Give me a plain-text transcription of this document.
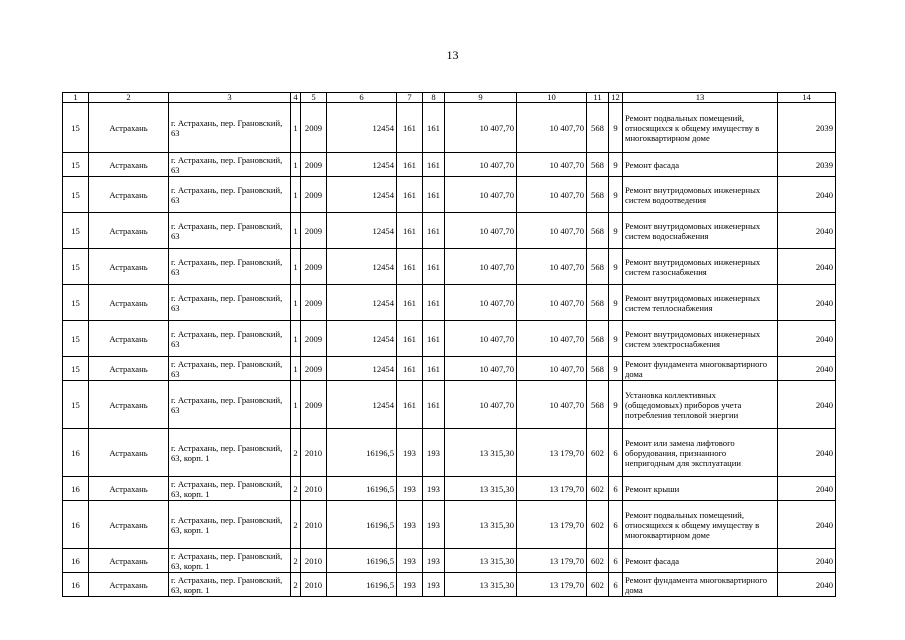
13
1	2	3	4	5	6	7	8	9	10	11	12	13	14
15	Астрахань	г. Астрахань, пер. Грановский, 63	1	2009	12454	161	161	10 407,70	10 407,70	568	9	Ремонт подвальных помещений, относящихся к общему имуществу в многоквартирном доме	2039
15	Астрахань	г. Астрахань, пер. Грановский, 63	1	2009	12454	161	161	10 407,70	10 407,70	568	9	Ремонт фасада	2039
15	Астрахань	г. Астрахань, пер. Грановский, 63	1	2009	12454	161	161	10 407,70	10 407,70	568	9	Ремонт внутридомовых инженерных систем водоотведения	2040
15	Астрахань	г. Астрахань, пер. Грановский, 63	1	2009	12454	161	161	10 407,70	10 407,70	568	9	Ремонт внутридомовых инженерных систем водоснабжения	2040
15	Астрахань	г. Астрахань, пер. Грановский, 63	1	2009	12454	161	161	10 407,70	10 407,70	568	9	Ремонт внутридомовых инженерных систем газоснабжения	2040
15	Астрахань	г. Астрахань, пер. Грановский, 63	1	2009	12454	161	161	10 407,70	10 407,70	568	9	Ремонт внутридомовых инженерных систем теплоснабжения	2040
15	Астрахань	г. Астрахань, пер. Грановский, 63	1	2009	12454	161	161	10 407,70	10 407,70	568	9	Ремонт внутридомовых инженерных систем электроснабжения	2040
15	Астрахань	г. Астрахань, пер. Грановский, 63	1	2009	12454	161	161	10 407,70	10 407,70	568	9	Ремонт фундамента многоквартирного дома	2040
15	Астрахань	г. Астрахань, пер. Грановский, 63	1	2009	12454	161	161	10 407,70	10 407,70	568	9	Установка коллективных (общедомовых) приборов учета потребления тепловой энергии	2040
16	Астрахань	г. Астрахань, пер. Грановский, 63, корп. 1	2	2010	16196,5	193	193	13 315,30	13 179,70	602	6	Ремонт или замена лифтового оборудования, признанного непригодным для эксплуатации	2040
16	Астрахань	г. Астрахань, пер. Грановский, 63, корп. 1	2	2010	16196,5	193	193	13 315,30	13 179,70	602	6	Ремонт крыши	2040
16	Астрахань	г. Астрахань, пер. Грановский, 63, корп. 1	2	2010	16196,5	193	193	13 315,30	13 179,70	602	6	Ремонт подвальных помещений, относящихся к общему имуществу в многоквартирном доме	2040
16	Астрахань	г. Астрахань, пер. Грановский, 63, корп. 1	2	2010	16196,5	193	193	13 315,30	13 179,70	602	6	Ремонт фасада	2040
16	Астрахань	г. Астрахань, пер. Грановский, 63, корп. 1	2	2010	16196,5	193	193	13 315,30	13 179,70	602	6	Ремонт фундамента многоквартирного дома	2040
